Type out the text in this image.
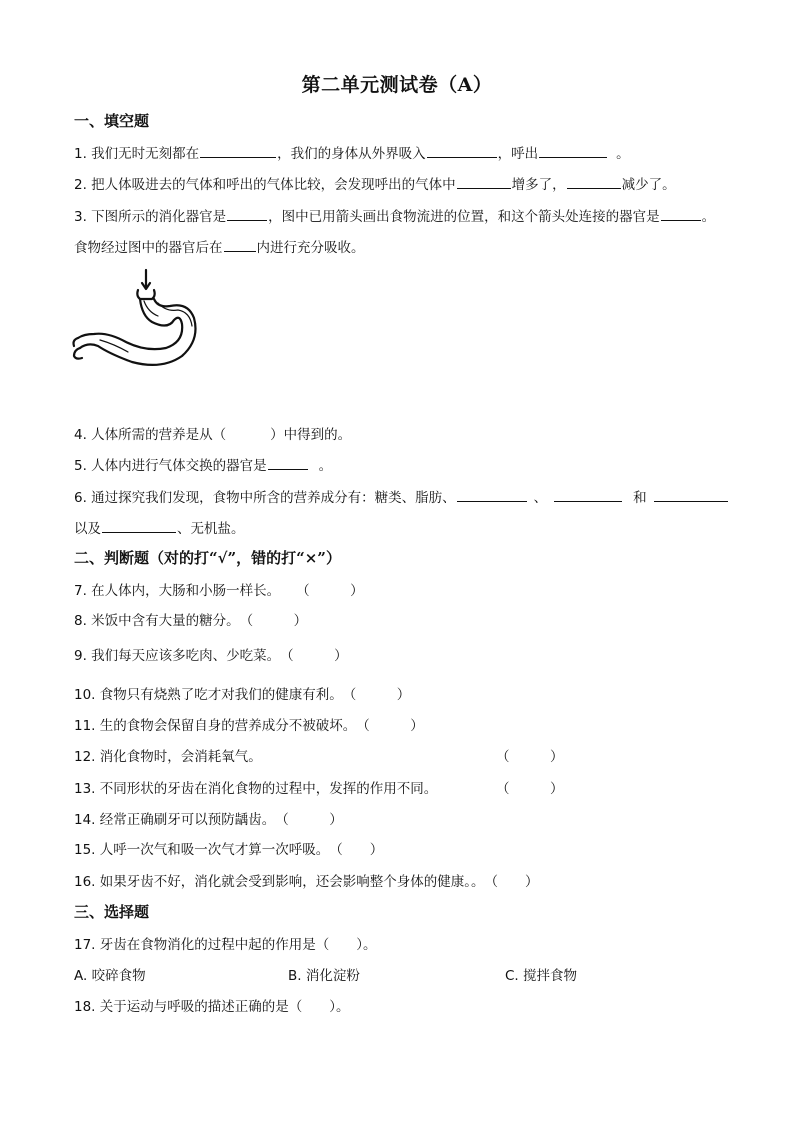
第二单元测试卷（A）
一、填空题
1. 我们无时无刻都在	，我们的身体从外界吸入	，呼出	。
2. 把人体吸进去的气体和呼出的气体比较，会发现呼出的气体中	增多了，	减少了。
3. 下图所示的消化器官是	，图中已用箭头画出食物流进的位置，和这个箭头处连接的器官是	。
食物经过图中的器官后在	内进行充分吸收。
4. 人体所需的营养是从（	）中得到的。
5. 人体内进行气体交换的器官是	。
6. 通过探究我们发现，食物中所含的营养成分有：糖类、脂肪、	、	和
以及	、无机盐。
二、判断题（对的打“√”，错的打“×”）
7. 在人体内，大肠和小肠一样长。 （　　　）
8. 米饭中含有大量的糖分。（　　　）
9. 我们每天应该多吃肉、少吃菜。（　　　）
10. 食物只有烧熟了吃才对我们的健康有利。（　　　）
11. 生的食物会保留自身的营养成分不被破坏。（　　　）
12. 消化食物时，会消耗氧气。	（　　　）
13. 不同形状的牙齿在消化食物的过程中，发挥的作用不同。	（　　　）
14. 经常正确刷牙可以预防龋齿。（　　　）
15. 人呼一次气和吸一次气才算一次呼吸。（　　）
16. 如果牙齿不好，消化就会受到影响，还会影响整个身体的健康。。（　　）
三、选择题
17. 牙齿在食物消化的过程中起的作用是（　　）。
A. 咬碎食物	B. 消化淀粉	C. 搅拌食物
18. 关于运动与呼吸的描述正确的是（　　）。
